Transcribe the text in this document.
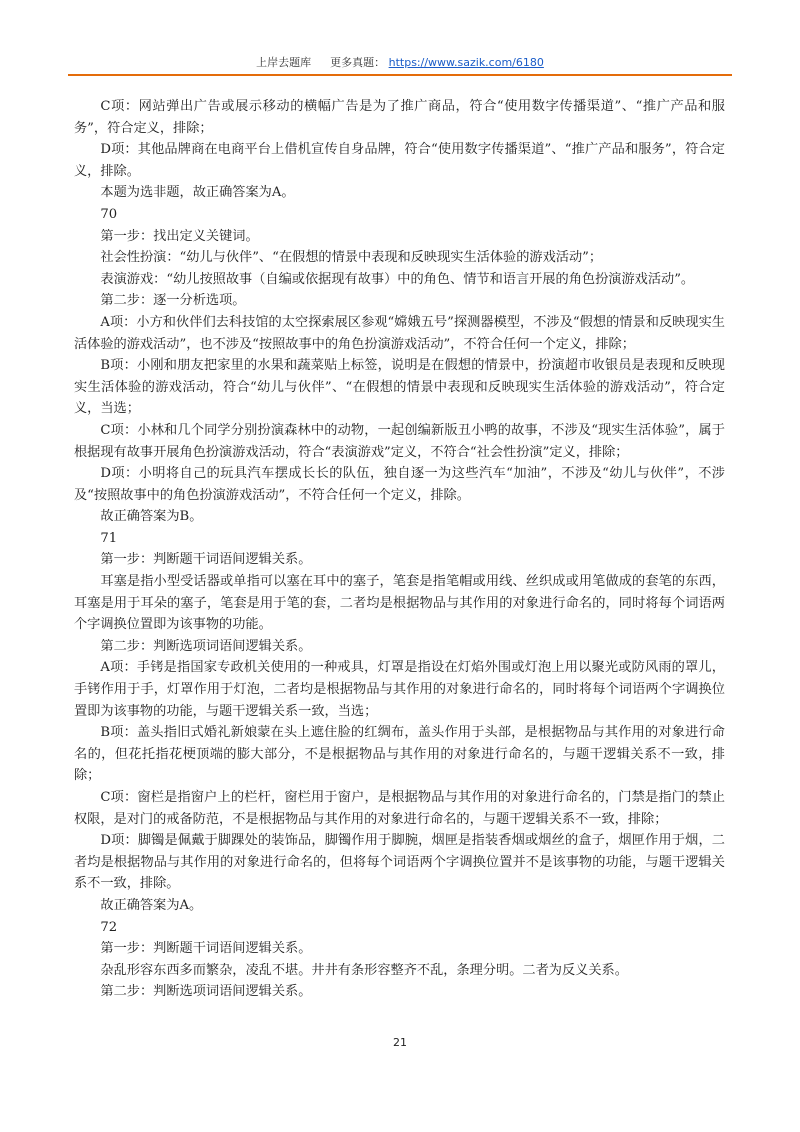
上岸去题库 更多真题： https://www.sazik.com/6180

C项：网站弹出广告或展示移动的横幅广告是为了推广商品，符合“使用数字传播渠道”、“推广产品和服务”，符合定义，排除；

D项：其他品牌商在电商平台上借机宣传自身品牌，符合“使用数字传播渠道”、“推广产品和服务”，符合定义，排除。

本题为选非题，故正确答案为A。

70

第一步：找出定义关键词。

社会性扮演：“幼儿与伙伴”、“在假想的情景中表现和反映现实生活体验的游戏活动”；

表演游戏：“幼儿按照故事（自编或依据现有故事）中的角色、情节和语言开展的角色扮演游戏活动”。

第二步：逐一分析选项。

A项：小方和伙伴们去科技馆的太空探索展区参观“嫦娥五号”探测器模型，不涉及“假想的情景和反映现实生活体验的游戏活动”，也不涉及“按照故事中的角色扮演游戏活动”，不符合任何一个定义，排除；

B项：小刚和朋友把家里的水果和蔬菜贴上标签，说明是在假想的情景中，扮演超市收银员是表现和反映现实生活体验的游戏活动，符合“幼儿与伙伴”、“在假想的情景中表现和反映现实生活体验的游戏活动”，符合定义，当选；

C项：小林和几个同学分别扮演森林中的动物，一起创编新版丑小鸭的故事，不涉及“现实生活体验”，属于根据现有故事开展角色扮演游戏活动，符合“表演游戏”定义，不符合“社会性扮演”定义，排除；

D项：小明将自己的玩具汽车摆成长长的队伍，独自逐一为这些汽车“加油”，不涉及“幼儿与伙伴”，不涉及“按照故事中的角色扮演游戏活动”，不符合任何一个定义，排除。

故正确答案为B。

71

第一步：判断题干词语间逻辑关系。

耳塞是指小型受话器或单指可以塞在耳中的塞子，笔套是指笔帽或用线、丝织成或用笔做成的套笔的东西，耳塞是用于耳朵的塞子，笔套是用于笔的套，二者均是根据物品与其作用的对象进行命名的，同时将每个词语两个字调换位置即为该事物的功能。

第二步：判断选项词语间逻辑关系。

A项：手铐是指国家专政机关使用的一种戒具，灯罩是指设在灯焰外围或灯泡上用以聚光或防风雨的罩儿，手铐作用于手，灯罩作用于灯泡，二者均是根据物品与其作用的对象进行命名的，同时将每个词语两个字调换位置即为该事物的功能，与题干逻辑关系一致，当选；

B项：盖头指旧式婚礼新娘蒙在头上遮住脸的红绸布，盖头作用于头部，是根据物品与其作用的对象进行命名的，但花托指花梗顶端的膨大部分，不是根据物品与其作用的对象进行命名的，与题干逻辑关系不一致，排除；

C项：窗栏是指窗户上的栏杆，窗栏用于窗户，是根据物品与其作用的对象进行命名的，门禁是指门的禁止权限，是对门的戒备防范，不是根据物品与其作用的对象进行命名的，与题干逻辑关系不一致，排除；

D项：脚镯是佩戴于脚踝处的装饰品，脚镯作用于脚腕，烟匣是指装香烟或烟丝的盒子，烟匣作用于烟，二者均是根据物品与其作用的对象进行命名的，但将每个词语两个字调换位置并不是该事物的功能，与题干逻辑关系不一致，排除。

故正确答案为A。

72

第一步：判断题干词语间逻辑关系。

杂乱形容东西多而繁杂，凌乱不堪。井井有条形容整齐不乱，条理分明。二者为反义关系。

第二步：判断选项词语间逻辑关系。

21
